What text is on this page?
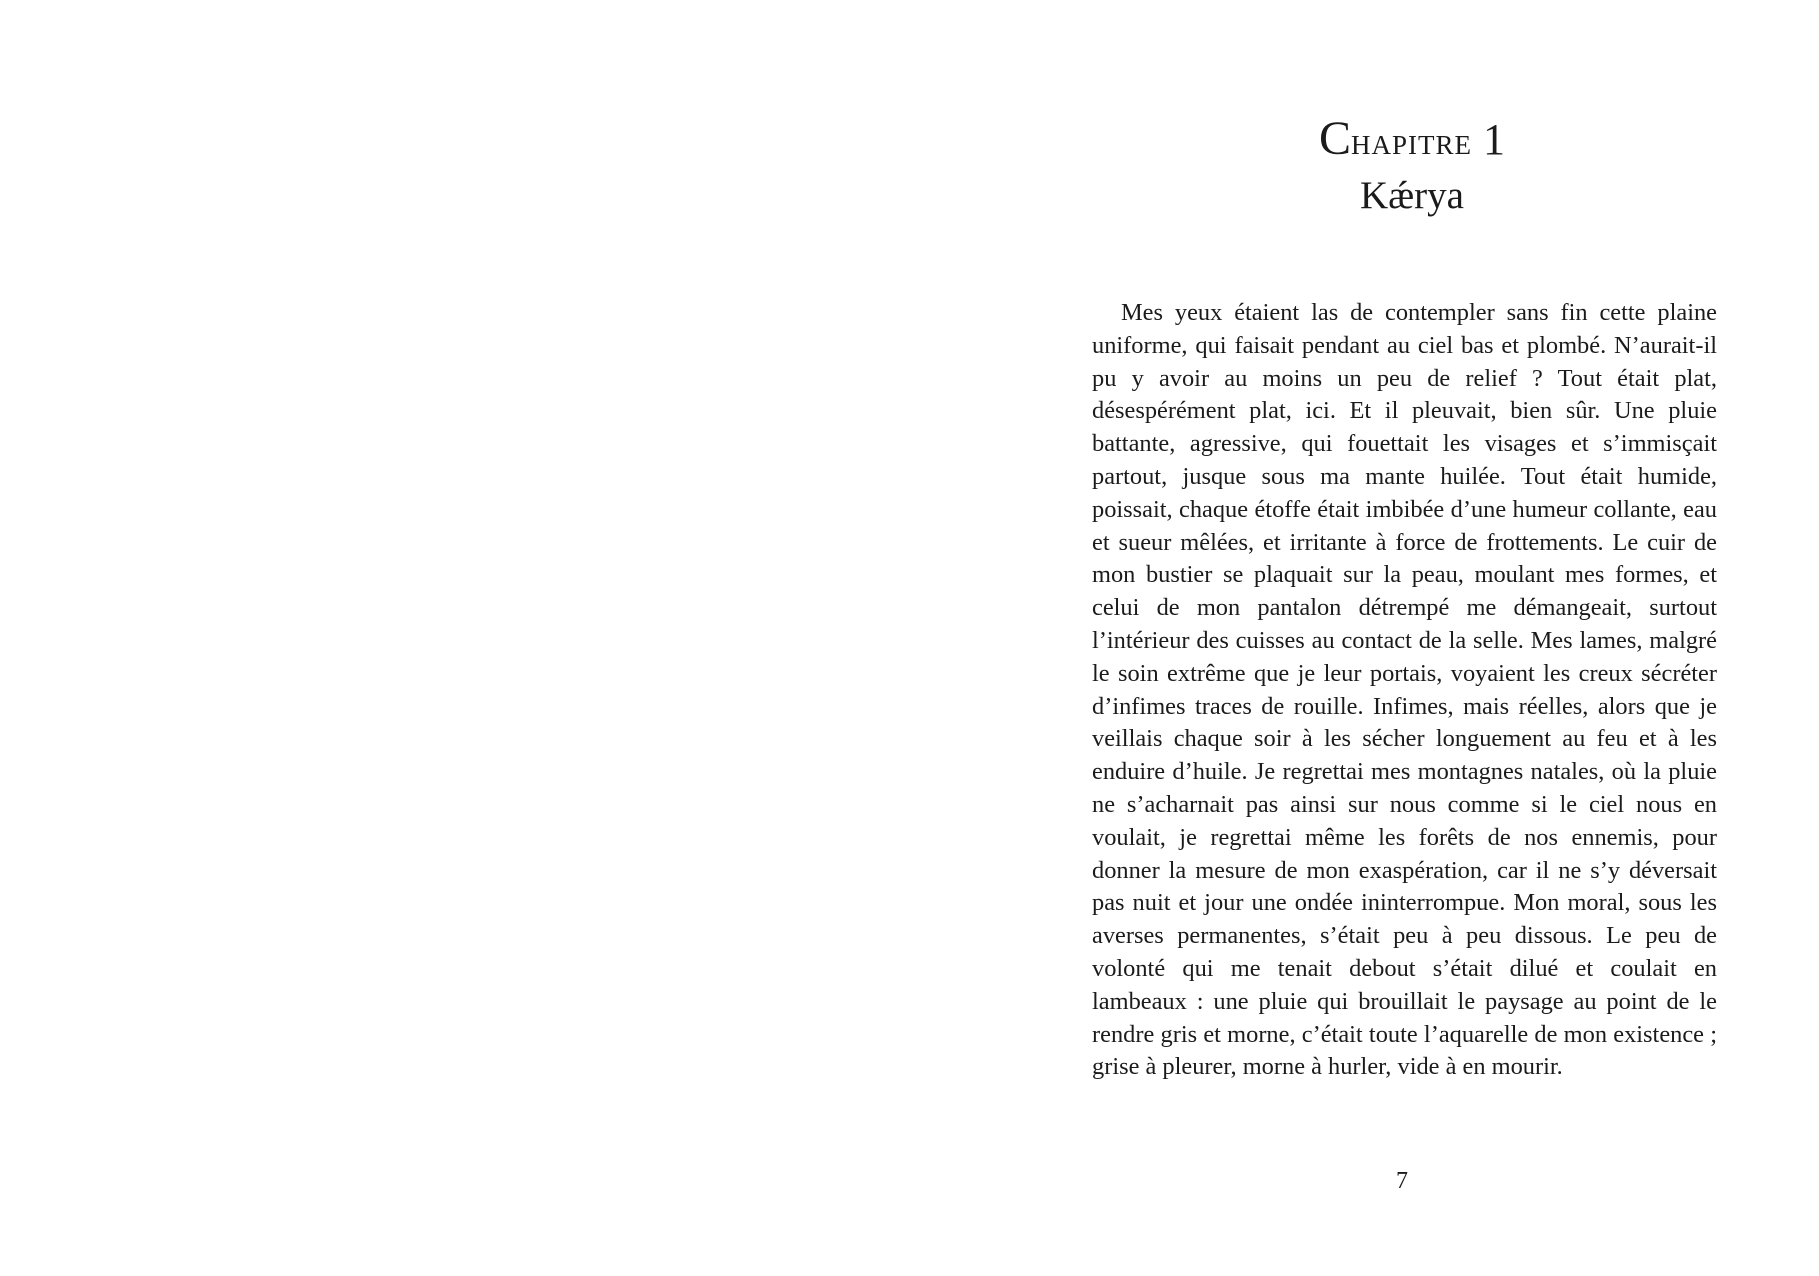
CHAPITRE 1
Kǽrya

Mes yeux étaient las de contempler sans fin cette plaine uniforme, qui faisait pendant au ciel bas et plombé. N’aurait-il pu y avoir au moins un peu de relief ? Tout était plat, désespérément plat, ici. Et il pleuvait, bien sûr. Une pluie battante, agressive, qui fouettait les visages et s’immisçait partout, jusque sous ma mante huilée. Tout était humide, poissait, chaque étoffe était imbibée d’une humeur collante, eau et sueur mêlées, et irritante à force de frottements. Le cuir de mon bustier se plaquait sur la peau, moulant mes formes, et celui de mon pantalon détrempé me démangeait, surtout l’intérieur des cuisses au contact de la selle. Mes lames, malgré le soin extrême que je leur portais, voyaient les creux sécréter d’infimes traces de rouille. Infimes, mais réelles, alors que je veillais chaque soir à les sécher longuement au feu et à les enduire d’huile. Je regrettai mes montagnes natales, où la pluie ne s’acharnait pas ainsi sur nous comme si le ciel nous en voulait, je regrettai même les forêts de nos ennemis, pour donner la mesure de mon exaspération, car il ne s’y déversait pas nuit et jour une ondée ininterrompue. Mon moral, sous les averses permanentes, s’était peu à peu dissous. Le peu de volonté qui me tenait debout s’était dilué et coulait en lambeaux : une pluie qui brouillait le paysage au point de le rendre gris et morne, c’était toute l’aquarelle de mon existence ; grise à pleurer, morne à hurler, vide à en mourir.

7
